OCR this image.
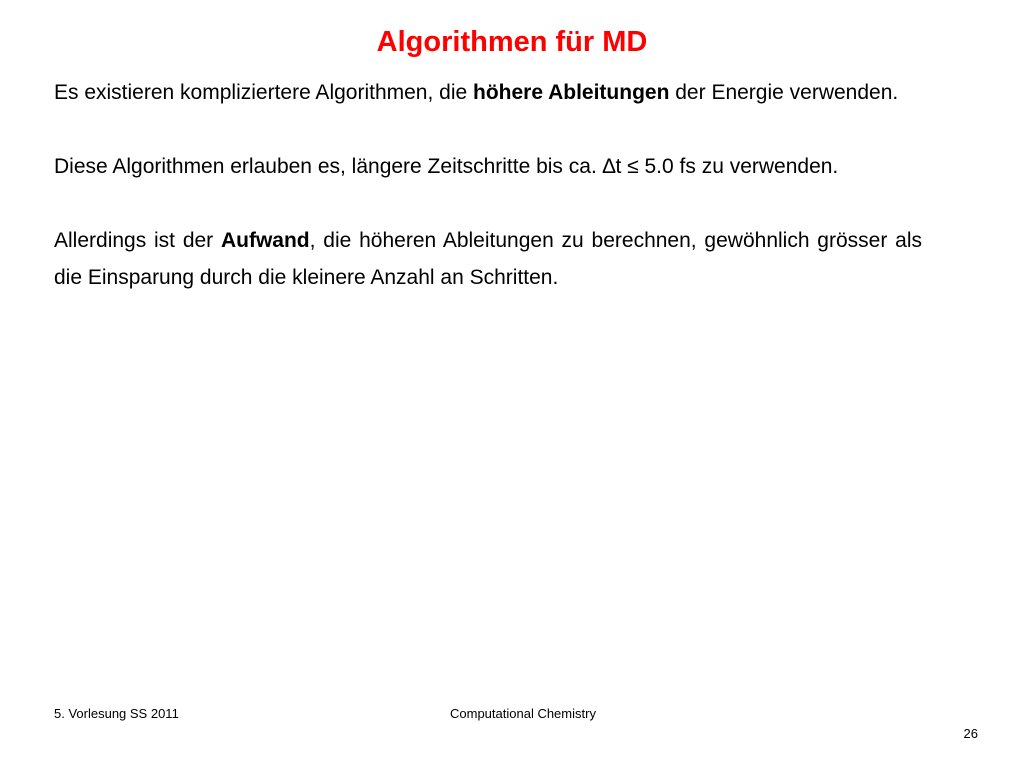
Algorithmen für MD

Es existieren kompliziertere Algorithmen, die höhere Ableitungen der Energie verwenden.

Diese Algorithmen erlauben es, längere Zeitschritte bis ca. ∆t ≤ 5.0 fs zu verwenden.

Allerdings ist der Aufwand, die höheren Ableitungen zu berechnen, gewöhnlich grösser als die Einsparung durch die kleinere Anzahl an Schritten.

5. Vorlesung SS 2011	Computational Chemistry
26
